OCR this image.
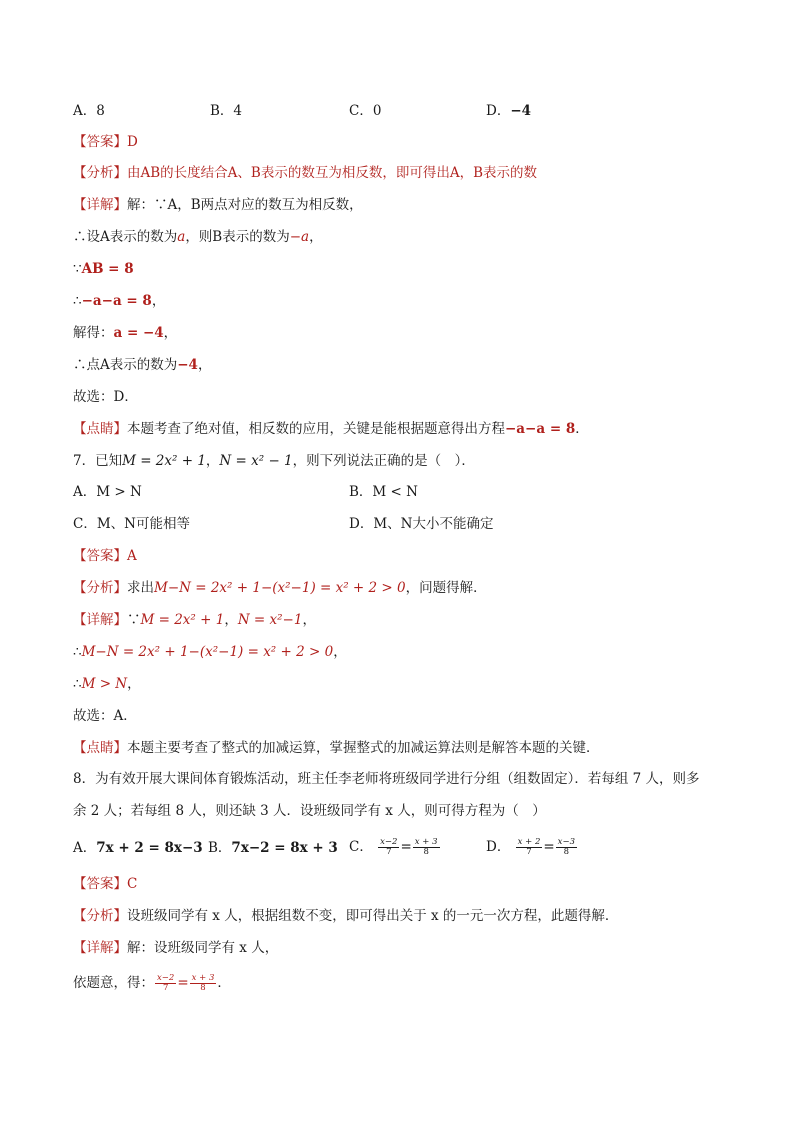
A．8	B．4	C．0	D．−4
【答案】D
【分析】由AB的长度结合A、B表示的数互为相反数，即可得出A，B表示的数
【详解】解：∵A，B两点对应的数互为相反数，
∴设A表示的数为a，则B表示的数为−a，
∵AB = 8
∴−a−a = 8，
解得：a = −4，
∴点A表示的数为−4，
故选：D．
【点睛】本题考查了绝对值，相反数的应用，关键是能根据题意得出方程−a−a = 8．
7．已知M = 2x² + 1，N = x² − 1，则下列说法正确的是（　）．
A．M > N	B．M < N
C．M、N可能相等	D．M、N大小不能确定
【答案】A
【分析】求出M−N = 2x² + 1−(x²−1) = x² + 2 > 0，问题得解．
【详解】∵M = 2x² + 1，N = x²−1，
∴M−N = 2x² + 1−(x²−1) = x² + 2 > 0，
∴M > N，
故选：A．
【点睛】本题主要考查了整式的加减运算，掌握整式的加减运算法则是解答本题的关键．
8．为有效开展大课间体育锻炼活动，班主任李老师将班级同学进行分组（组数固定）．若每组 7 人，则多
余 2 人；若每组 8 人，则还缺 3 人．设班级同学有 x 人，则可得方程为（　）
A．7x + 2 = 8x−3 B．7x−2 = 8x + 3 C． $\frac{x-2}{7} = \frac{x + 3}{8}$	D． $\frac{x + 2}{7} = \frac{x-3}{8}$
【答案】C
【分析】设班级同学有 x 人，根据组数不变，即可得出关于 x 的一元一次方程，此题得解．
【详解】解：设班级同学有 x 人，
依题意，得： $\frac{x-2}{7} = \frac{x + 3}{8}$ ．
